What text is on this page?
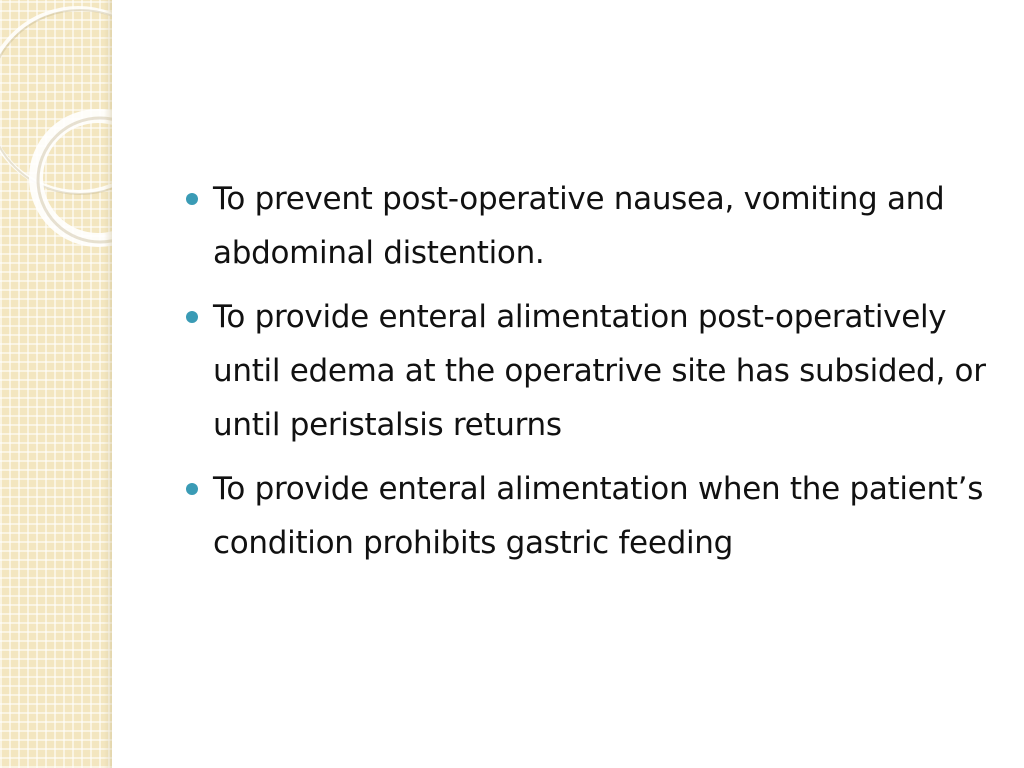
To prevent post-operative nausea, vomiting and abdominal distention.
To provide enteral alimentation post-operatively until edema at the operatrive site has subsided, or until peristalsis returns
To provide enteral alimentation when the patient’s condition prohibits gastric feeding
